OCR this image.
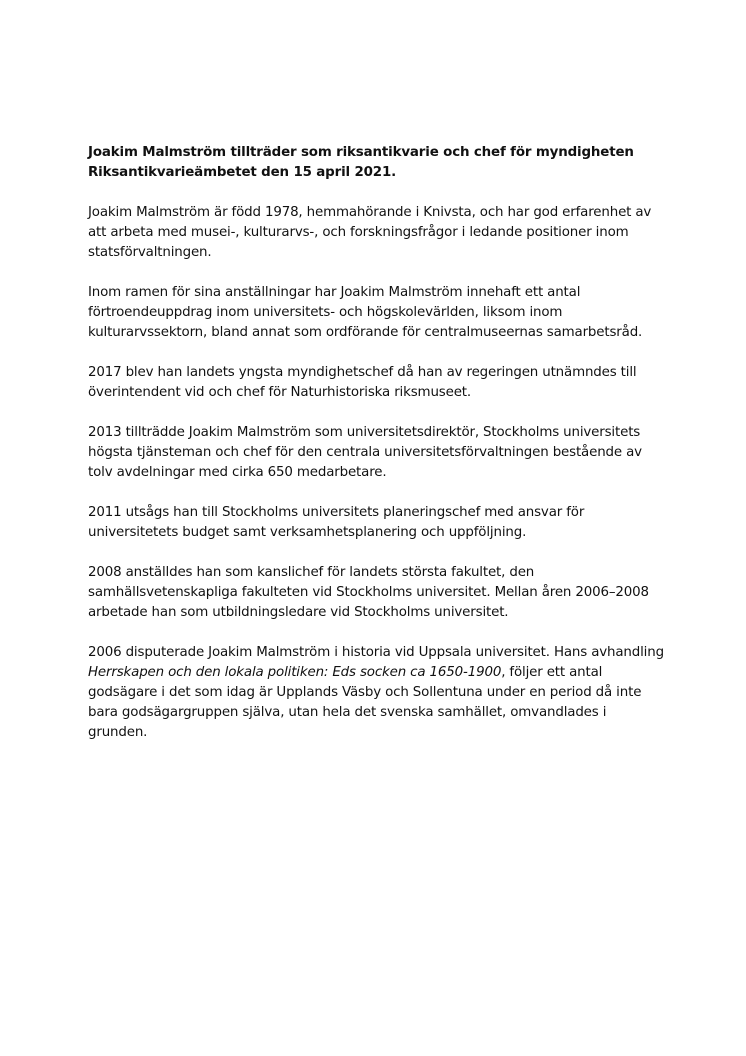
Joakim Malmström tillträder som riksantikvarie och chef för myndigheten Riksantikvarieämbetet den 15 april 2021.

Joakim Malmström är född 1978, hemmahörande i Knivsta, och har god erfarenhet av att arbeta med musei-, kulturarvs-, och forskningsfrågor i ledande positioner inom statsförvaltningen.

Inom ramen för sina anställningar har Joakim Malmström innehaft ett antal förtroendeuppdrag inom universitets- och högskolevärlden, liksom inom kulturarvssektorn, bland annat som ordförande för centralmuseernas samarbetsråd.

2017 blev han landets yngsta myndighetschef då han av regeringen utnämndes till överintendent vid och chef för Naturhistoriska riksmuseet.

2013 tillträdde Joakim Malmström som universitetsdirektör, Stockholms universitets högsta tjänsteman och chef för den centrala universitetsförvaltningen bestående av tolv avdelningar med cirka 650 medarbetare.

2011 utsågs han till Stockholms universitets planeringschef med ansvar för universitetets budget samt verksamhetsplanering och uppföljning.

2008 anställdes han som kanslichef för landets största fakultet, den samhällsvetenskapliga fakulteten vid Stockholms universitet. Mellan åren 2006–2008 arbetade han som utbildningsledare vid Stockholms universitet.

2006 disputerade Joakim Malmström i historia vid Uppsala universitet. Hans avhandling Herrskapen och den lokala politiken: Eds socken ca 1650-1900, följer ett antal godsägare i det som idag är Upplands Väsby och Sollentuna under en period då inte bara godsägargruppen själva, utan hela det svenska samhället, omvandlades i grunden.
